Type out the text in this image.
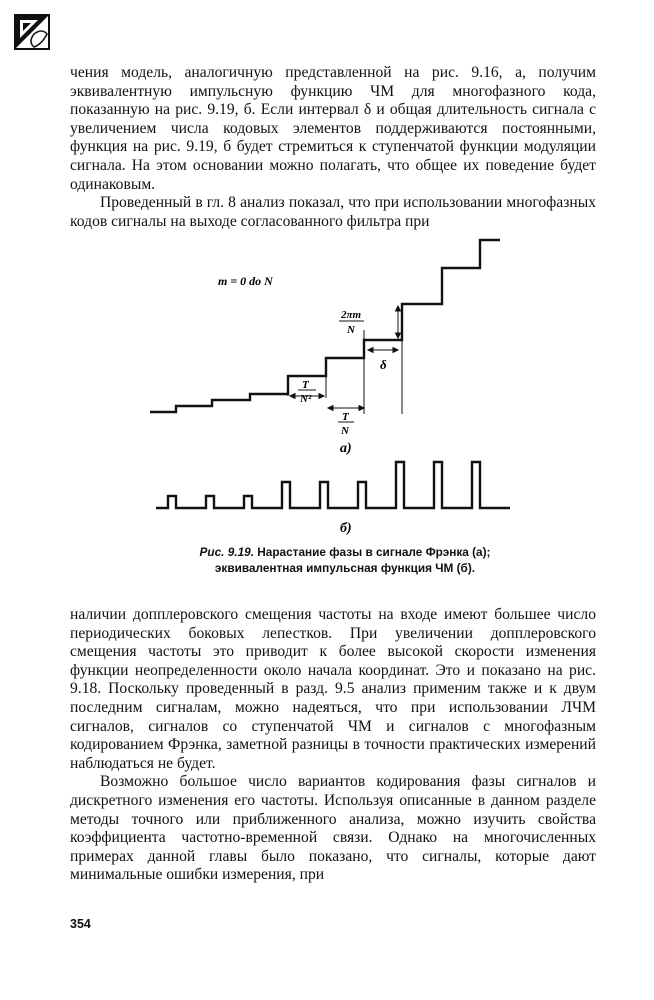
чения модель, аналогичную представленной на рис. 9.16, а, получим эквивалентную импульсную функцию ЧМ для многофазного кода, показанную на рис. 9.19, б. Если интервал δ и общая длительность сигнала с увеличением числа кодовых элементов поддерживаются постоянными, функция на рис. 9.19, б будет стремиться к ступенчатой функции модуляции сигнала. На этом основании можно полагать, что общее их поведение будет одинаковым.

Проведенный в гл. 8 анализ показал, что при использовании многофазных кодов сигналы на выходе согласованного фильтра при

m = 0 do N
2πm
N
δ
T
N²
T
N
а)
б)
Рис. 9.19. Нарастание фазы в сигнале Фрэнка (а);
эквивалентная импульсная функция ЧМ (б).

наличии допплеровского смещения частоты на входе имеют большее число периодических боковых лепестков. При увеличении допплеровского смещения частоты это приводит к более высокой скорости изменения функции неопределенности около начала координат. Это и показано на рис. 9.18. Поскольку проведенный в разд. 9.5 анализ применим также и к двум последним сигналам, можно надеяться, что при использовании ЛЧМ сигналов, сигналов со ступенчатой ЧМ и сигналов с многофазным кодированием Фрэнка, заметной разницы в точности практических измерений наблюдаться не будет.

Возможно большое число вариантов кодирования фазы сигналов и дискретного изменения его частоты. Используя описанные в данном разделе методы точного или приближенного анализа, можно изучить свойства коэффициента частотно-временной связи. Однако на многочисленных примерах данной главы было показано, что сигналы, которые дают минимальные ошибки измерения, при

354
